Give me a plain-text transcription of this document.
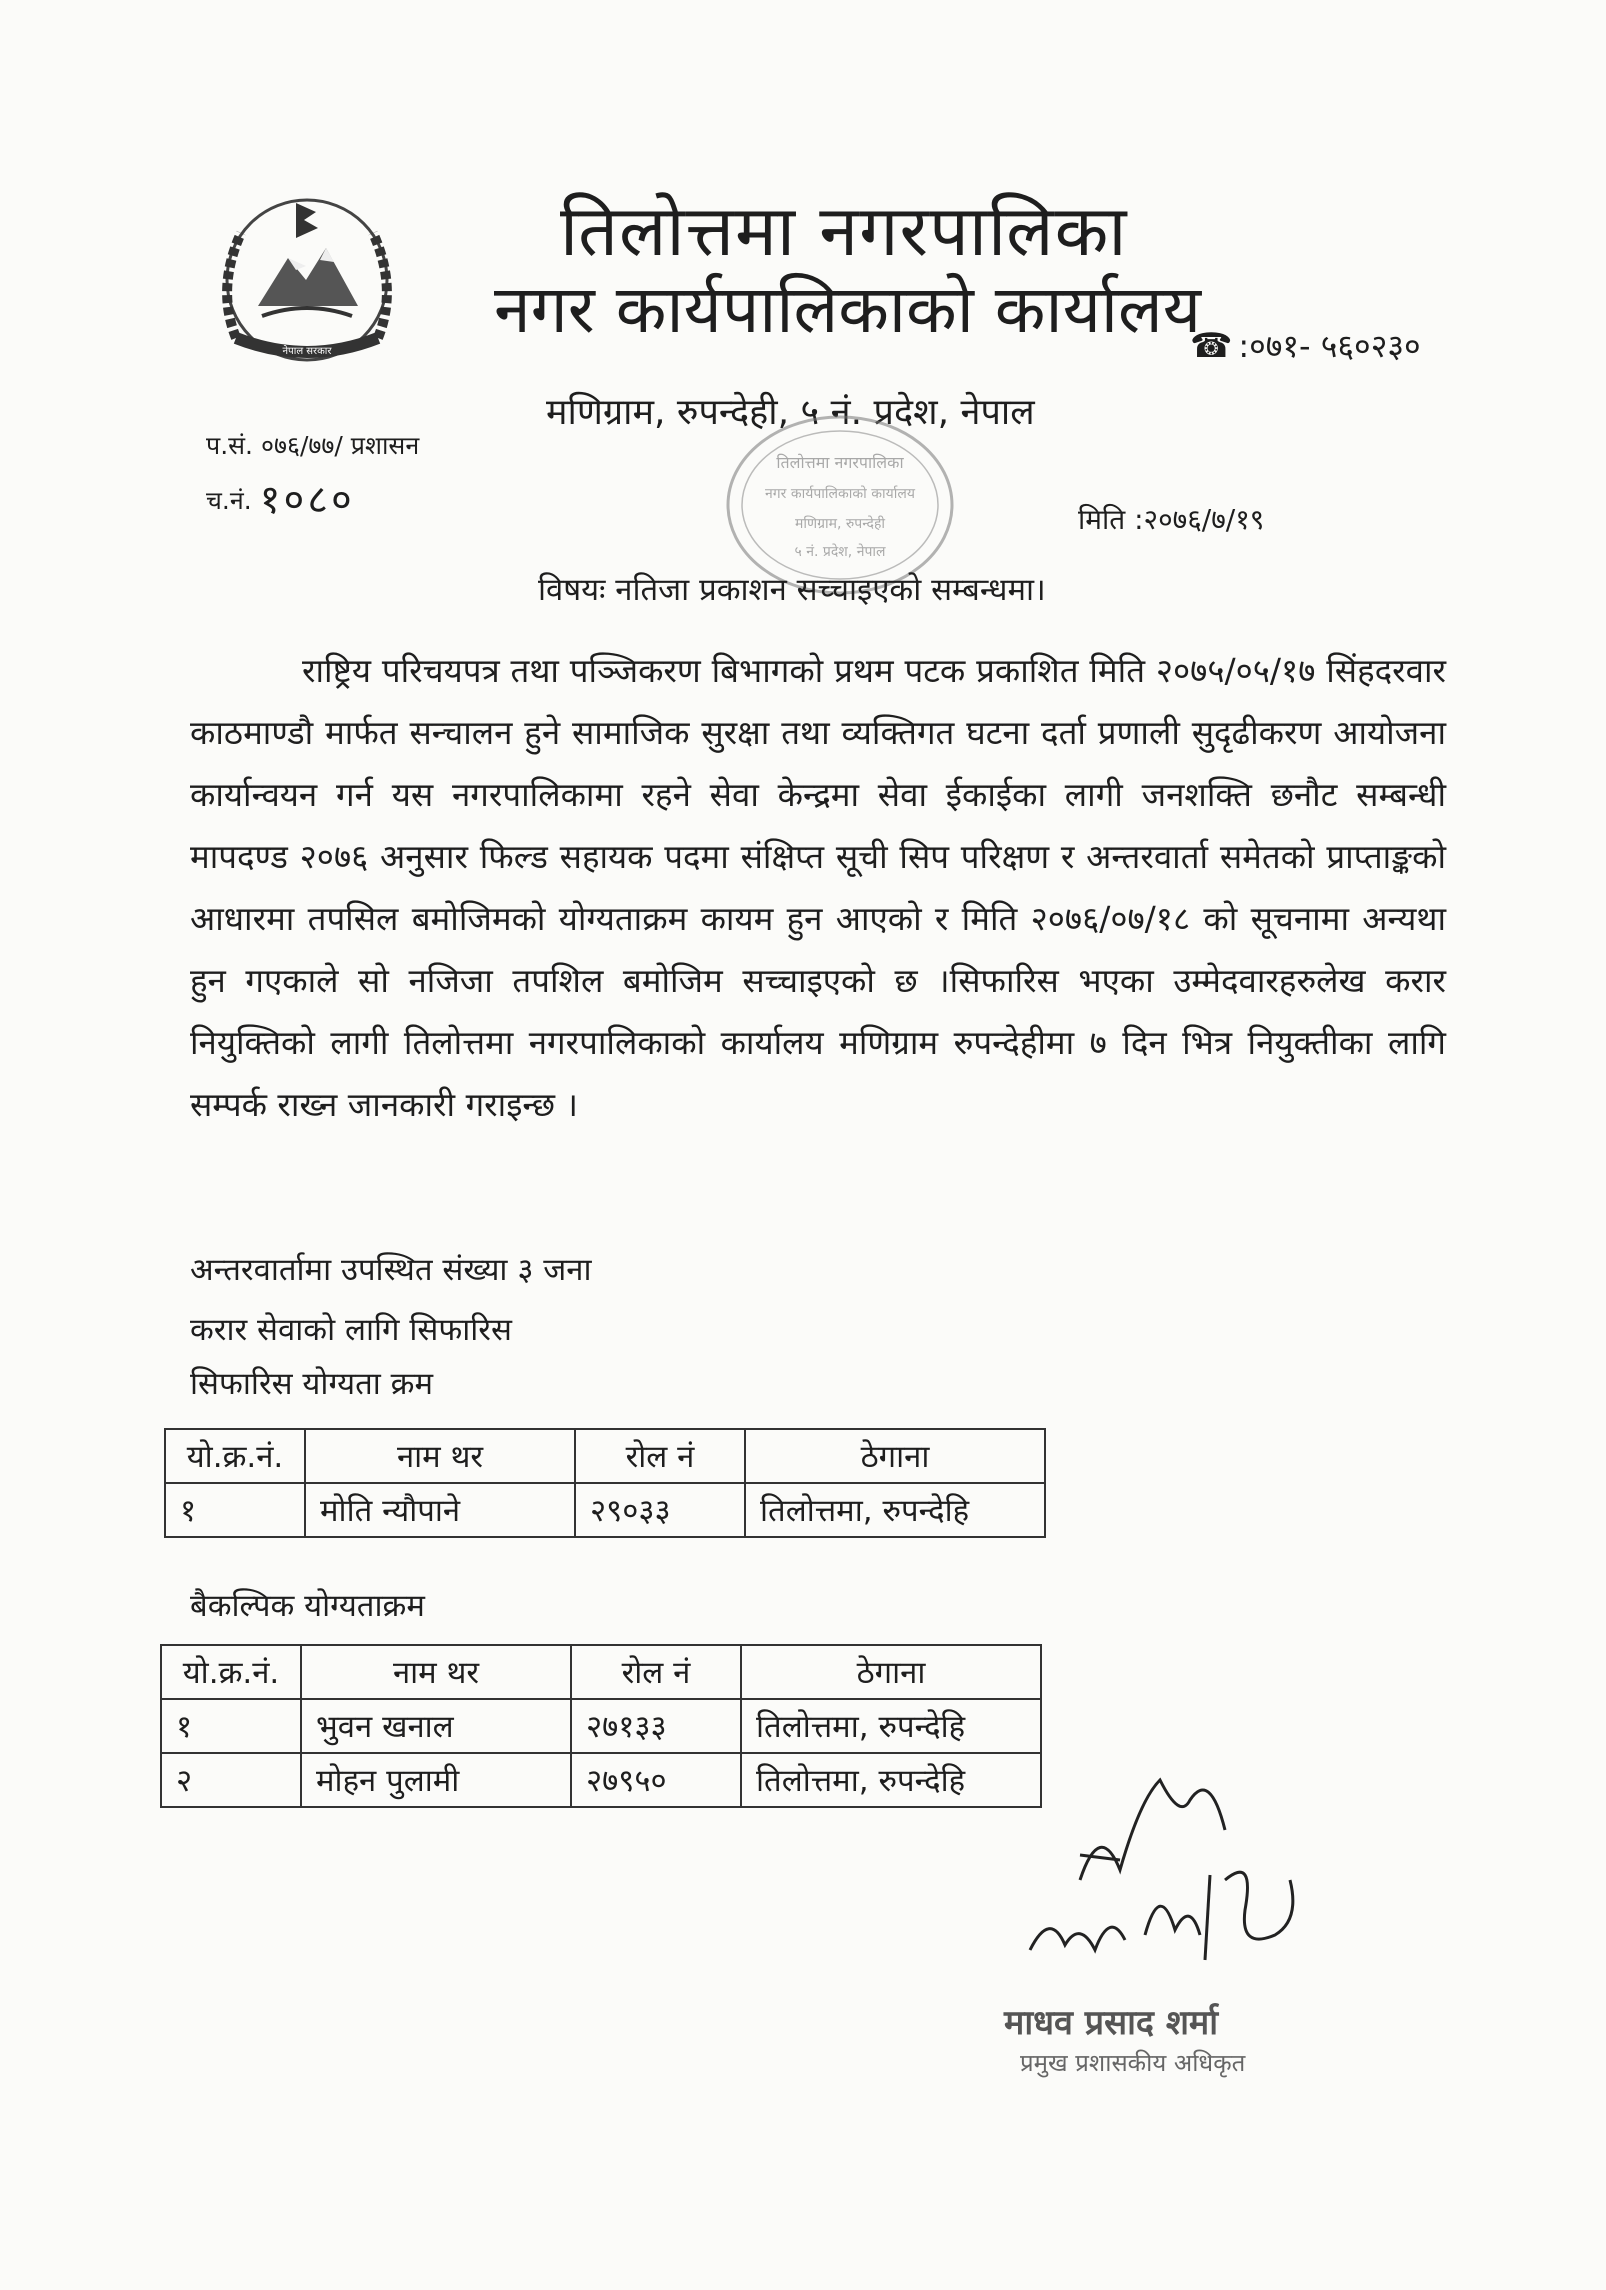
नेपाल सरकार
तिलोत्तमा नगरपालिका
नगर कार्यपालिकाको कार्यालय
☎ :०७१- ५६०२३०
मणिग्राम, रुपन्देही, ५ नं. प्रदेश, नेपाल
प.सं. ०७६/७७/ प्रशासन
च.नं. १०८०
तिलोत्तमा नगरपालिका
नगर कार्यपालिकाको कार्यालय
मणिग्राम, रुपन्देही
५ नं. प्रदेश, नेपाल
मिति :२०७६/७/१९
विषयः नतिजा प्रकाशन सच्चाइएको सम्बन्धमा।
राष्ट्रिय परिचयपत्र तथा पञ्जिकरण बिभागको प्रथम पटक प्रकाशित मिति २०७५/०५/१७ सिंहदरवार काठमाण्डौ मार्फत सन्चालन हुने सामाजिक सुरक्षा तथा व्यक्तिगत घटना दर्ता प्रणाली सुदृढीकरण आयोजना कार्यान्वयन गर्न यस नगरपालिकामा रहने सेवा केन्द्रमा सेवा ईकाईका लागी जनशक्ति छनौट सम्बन्धी मापदण्ड २०७६ अनुसार फिल्ड सहायक पदमा संक्षिप्त सूची सिप परिक्षण र अन्तरवार्ता समेतको प्राप्ताङ्कको आधारमा तपसिल बमोजिमको योग्यताक्रम कायम हुन आएको र मिति २०७६/०७/१८ को सूचनामा अन्यथा हुन गएकाले सो नजिजा तपशिल बमोजिम सच्चाइएको छ ।सिफारिस भएका उम्मेदवारहरुलेख करार नियुक्तिको लागी तिलोत्तमा नगरपालिकाको कार्यालय मणिग्राम रुपन्देहीमा ७ दिन भित्र नियुक्तीका लागि सम्पर्क राख्न जानकारी गराइन्छ ।
अन्तरवार्तामा उपस्थित संख्या ३ जना
करार सेवाको लागि सिफारिस
सिफारिस योग्यता क्रम
यो.क्र.नं.	नाम थर	रोल नं	ठेगाना
१	मोति न्यौपाने	२९०३३	तिलोत्तमा, रुपन्देहि
बैकल्पिक योग्यताक्रम
यो.क्र.नं.	नाम थर	रोल नं	ठेगाना
१	भुवन खनाल	२७१३३	तिलोत्तमा, रुपन्देहि
२	मोहन पुलामी	२७९५०	तिलोत्तमा, रुपन्देहि
माधव प्रसाद शर्मा
प्रमुख प्रशासकीय अधिकृत
